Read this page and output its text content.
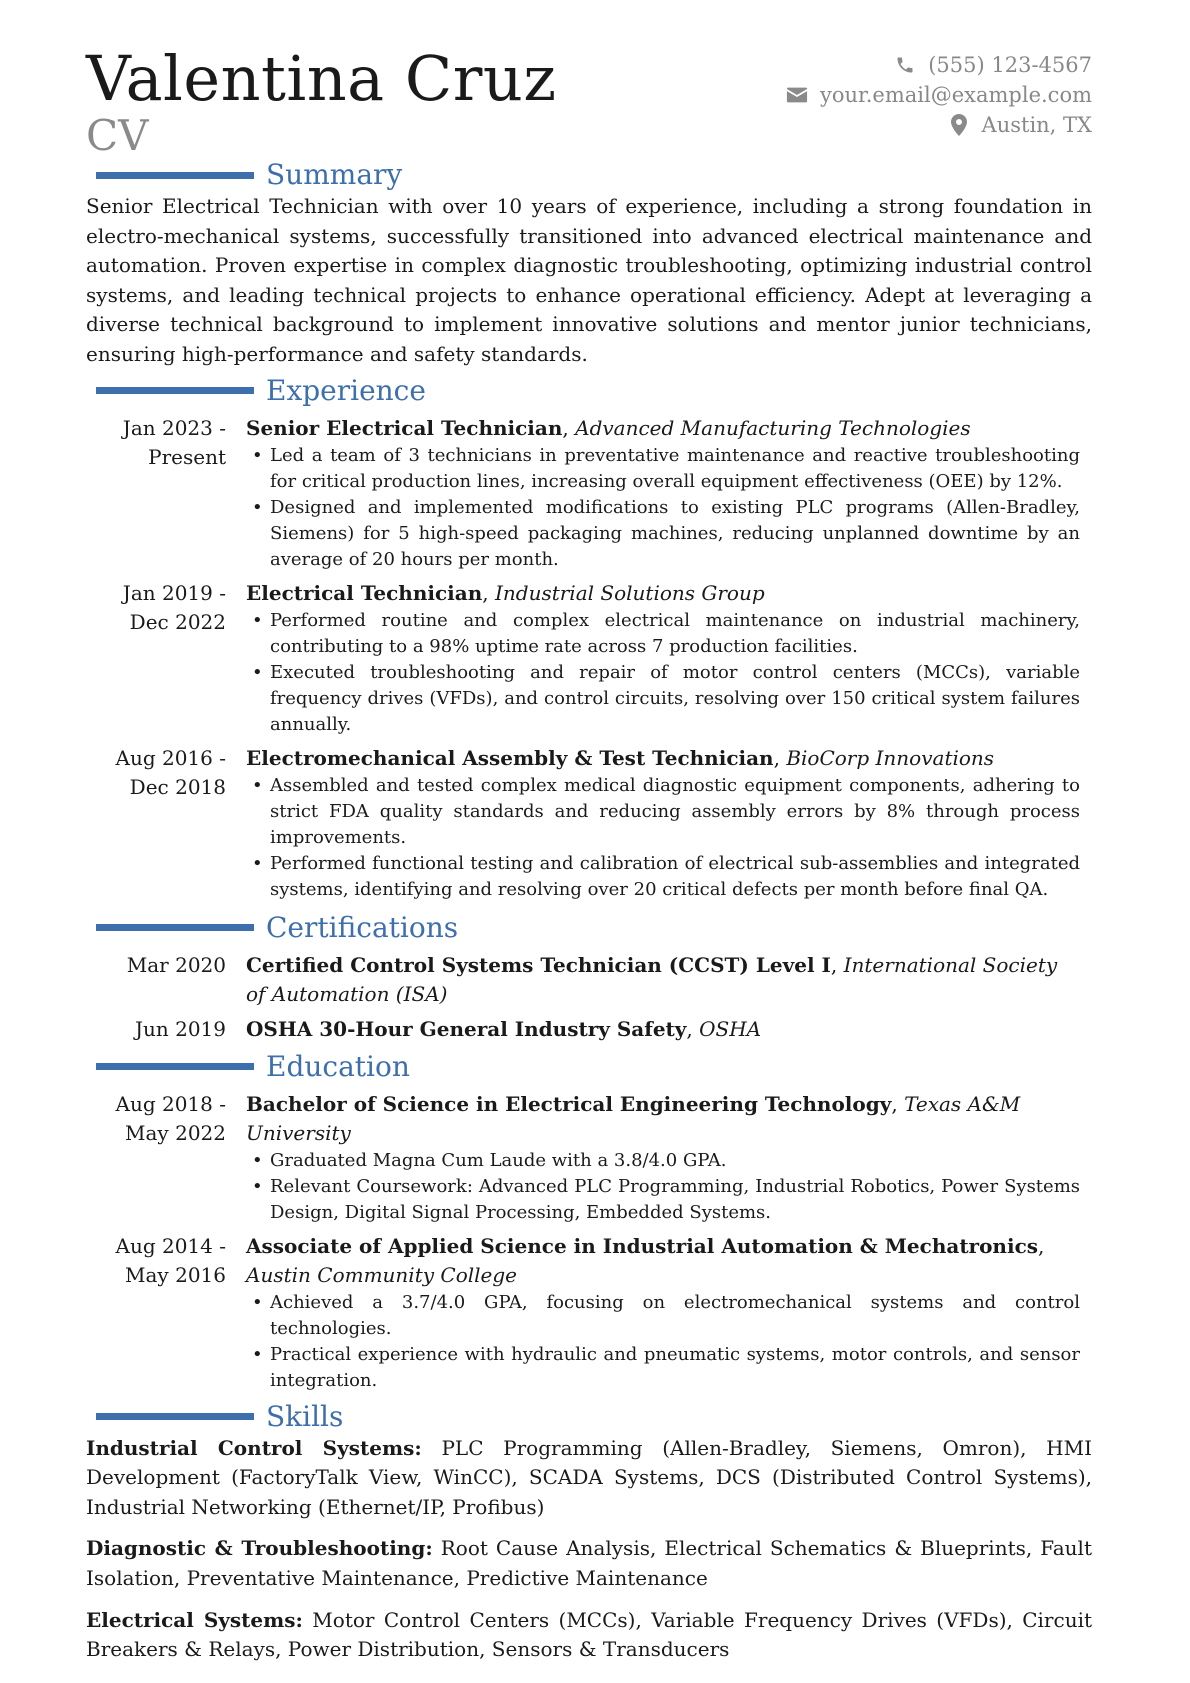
Valentina Cruz
CV
(555) 123-4567
your.email@example.com
Austin, TX
Summary

Senior Electrical Technician with over 10 years of experience, including a strong foundation in electro-mechanical systems, successfully transitioned into advanced electrical maintenance and automation. Proven expertise in complex diagnostic troubleshooting, optimizing industrial control systems, and leading technical projects to enhance operational efficiency. Adept at leveraging a diverse technical background to implement innovative solutions and mentor junior technicians, ensuring high-performance and safety standards.

Experience
Jan 2023 - Present
Senior Electrical Technician, Advanced Manufacturing Technologies
• Led a team of 3 technicians in preventative maintenance and reactive troubleshooting for critical production lines, increasing overall equipment effectiveness (OEE) by 12%.
• Designed and implemented modifications to existing PLC programs (Allen-Bradley, Siemens) for 5 high-speed packaging machines, reducing unplanned downtime by an average of 20 hours per month.
Jan 2019 - Dec 2022
Electrical Technician, Industrial Solutions Group
• Performed routine and complex electrical maintenance on industrial machinery, contributing to a 98% uptime rate across 7 production facilities.
• Executed troubleshooting and repair of motor control centers (MCCs), variable frequency drives (VFDs), and control circuits, resolving over 150 critical system failures annually.
Aug 2016 - Dec 2018
Electromechanical Assembly & Test Technician, BioCorp Innovations
• Assembled and tested complex medical diagnostic equipment components, adhering to strict FDA quality standards and reducing assembly errors by 8% through process improvements.
• Performed functional testing and calibration of electrical sub-assemblies and integrated systems, identifying and resolving over 20 critical defects per month before final QA.
Certifications
Mar 2020	Certified Control Systems Technician (CCST) Level I, International Society of Automation (ISA)
Jun 2019	OSHA 30-Hour General Industry Safety, OSHA
Education
Aug 2018 - May 2022
Bachelor of Science in Electrical Engineering Technology, Texas A&M University
• Graduated Magna Cum Laude with a 3.8/4.0 GPA.
• Relevant Coursework: Advanced PLC Programming, Industrial Robotics, Power Systems Design, Digital Signal Processing, Embedded Systems.
Aug 2014 - May 2016
Associate of Applied Science in Industrial Automation & Mechatronics, Austin Community College
• Achieved a 3.7/4.0 GPA, focusing on electromechanical systems and control technologies.
• Practical experience with hydraulic and pneumatic systems, motor controls, and sensor integration.
Skills

Industrial Control Systems: PLC Programming (Allen-Bradley, Siemens, Omron), HMI Development (FactoryTalk View, WinCC), SCADA Systems, DCS (Distributed Control Systems), Industrial Networking (Ethernet/IP, Profibus)

Diagnostic & Troubleshooting: Root Cause Analysis, Electrical Schematics & Blueprints, Fault Isolation, Preventative Maintenance, Predictive Maintenance

Electrical Systems: Motor Control Centers (MCCs), Variable Frequency Drives (VFDs), Circuit Breakers & Relays, Power Distribution, Sensors & Transducers
